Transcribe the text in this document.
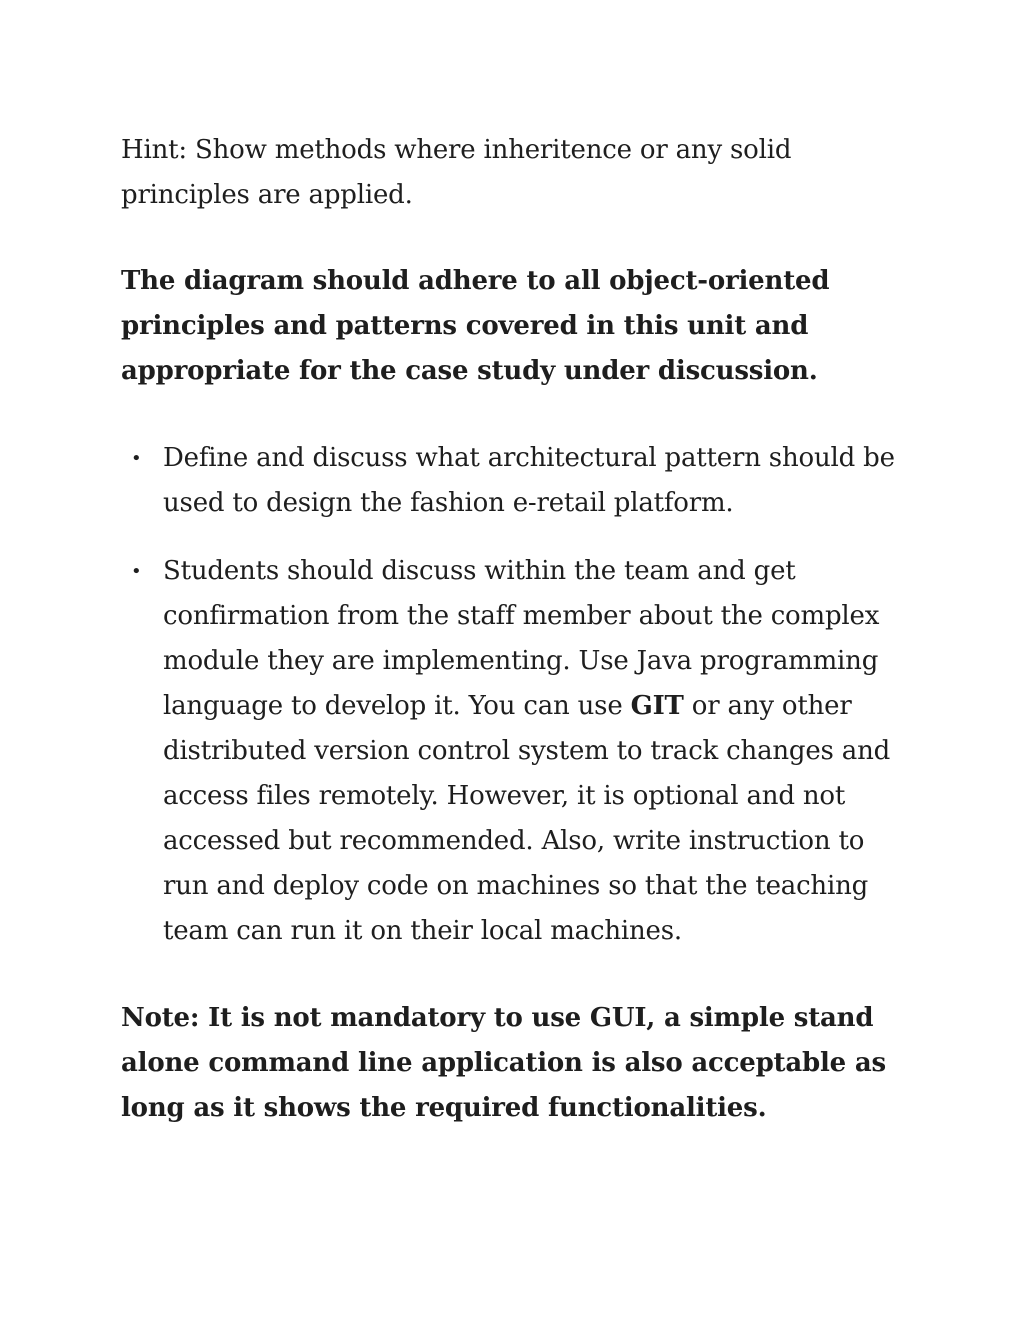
Hint: Show methods where inheritence or any solid principles are applied.

The diagram should adhere to all object-oriented principles and patterns covered in this unit and appropriate for the case study under discussion.

• Define and discuss what architectural pattern should be used to design the fashion e-retail platform.
• Students should discuss within the team and get confirmation from the staff member about the complex module they are implementing. Use Java programming language to develop it. You can use GIT or any other distributed version control system to track changes and access files remotely. However, it is optional and not accessed but recommended. Also, write instruction to run and deploy code on machines so that the teaching team can run it on their local machines.

Note: It is not mandatory to use GUI, a simple stand alone command line application is also acceptable as long as it shows the required functionalities.
